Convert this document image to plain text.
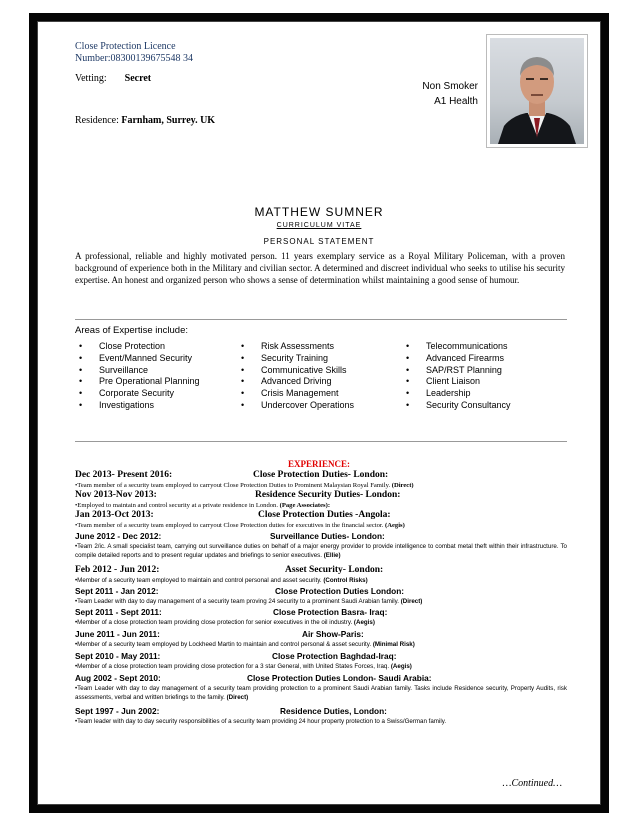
Close Protection Licence
Number:08300139675548 34
Vetting: Secret
Non Smoker
A1 Health
Residence: Farnham, Surrey. UK
MATTHEW SUMNER
CURRICULUM VITAE
PERSONAL STATEMENT
A professional, reliable and highly motivated person. 11 years exemplary service as a Royal Military Policeman, with a proven background of experience both in the Military and civilian sector. A determined and discreet individual who seeks to utilise his security expertise. An honest and organized person who shows a sense of determination whilst maintaining a good sense of humour.
Areas of Expertise include:
• Close Protection
• Event/Manned Security
• Surveillance
• Pre Operational Planning
• Corporate Security
• Investigations
• Risk Assessments
• Security Training
• Communicative Skills
• Advanced Driving
• Crisis Management
• Undercover Operations
• Telecommunications
• Advanced Firearms
• SAP/RST Planning
• Client Liaison
• Leadership
• Security Consultancy
EXPERIENCE:
Dec 2013- Present 2016:	Close Protection Duties- London:
•Team member of a security team employed to carryout Close Protection Duties to Prominent Malaysian Royal Family. (Direct)
Nov 2013-Nov 2013:	Residence Security Duties- London:
•Employed to maintain and control security at a private residence in London. (Page Associates):
Jan 2013-Oct 2013:	Close Protection Duties -Angola:
•Team member of a security team employed to carryout Close Protection duties for executives in the financial sector. (Aegis)
June 2012 - Dec 2012:	Surveillance Duties- London:
•Team 2/ic. A small specialist team, carrying out surveillance duties on behalf of a major energy provider to provide intelligence to combat metal theft within their infrastructure. To compile detailed reports and to present regular updates and briefings to senior executives. (Ellie)
Feb 2012 - Jun 2012:	Asset Security- London:
•Member of a security team employed to maintain and control personal and asset security. (Control Risks)
Sept 2011 - Jan 2012:	Close Protection Duties London:
•Team Leader with day to day management of a security team proving 24 security to a prominent Saudi Arabian family. (Direct)
Sept 2011 - Sept 2011:	Close Protection Basra- Iraq:
•Member of a close protection team providing close protection for senior executives in the oil industry. (Aegis)
June 2011 - Jun 2011:	Air Show-Paris:
•Member of a security team employed by Lockheed Martin to maintain and control personal & asset security. (Minimal Risk)
Sept 2010 - May 2011:	Close Protection Baghdad-Iraq:
•Member of a close protection team providing close protection for a 3 star General, with United States Forces, Iraq. (Aegis)
Aug 2002 - Sept 2010:	Close Protection Duties London- Saudi Arabia:
•Team Leader with day to day management of a security team providing protection to a prominent Saudi Arabian family. Tasks include Residence security, Property Audits, risk assessments, verbal and written briefings to the family. (Direct)
Sept 1997 - Jun 2002:	Residence Duties, London:
•Team leader with day to day security responsibilities of a security team providing 24 hour property protection to a Swiss/German family.
…Continued…
